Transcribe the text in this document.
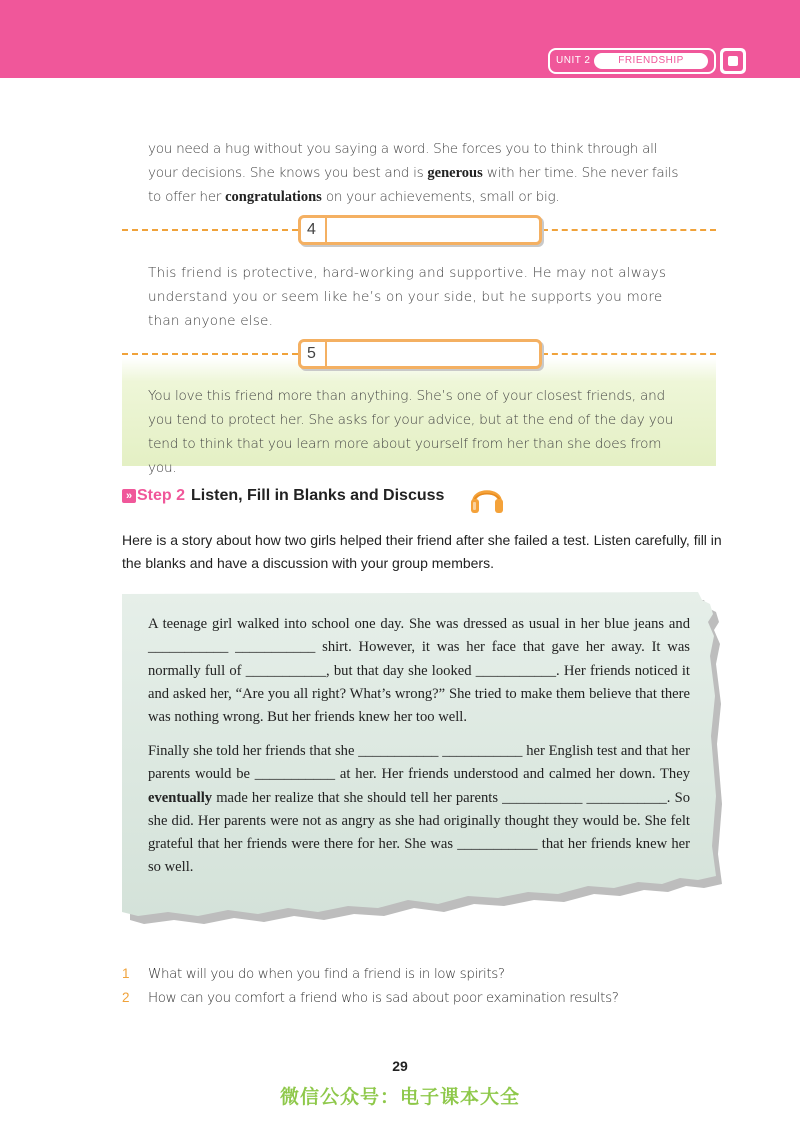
UNIT 2	FRIENDSHIP
you need a hug without you saying a word. She forces you to think through all your decisions. She knows you best and is generous with her time. She never fails to offer her congratulations on your achievements, small or big.
4
This friend is protective, hard-working and supportive. He may not always understand you or seem like he’s on your side, but he supports you more than anyone else.
5
You love this friend more than anything. She’s one of your closest friends, and you tend to protect her. She asks for your advice, but at the end of the day you tend to think that you learn more about yourself from her than she does from you.
» Step 2 Listen, Fill in Blanks and Discuss
Here is a story about how two girls helped their friend after she failed a test. Listen carefully, fill in the blanks and have a discussion with your group members.
A teenage girl walked into school one day. She was dressed as usual in her blue jeans and ___________ ___________ shirt. However, it was her face that gave her away. It was normally full of ___________, but that day she looked ___________. Her friends noticed it and asked her, “Are you all right? What’s wrong?” She tried to make them believe that there was nothing wrong. But her friends knew her too well.
Finally she told her friends that she ___________ ___________ her English test and that her parents would be ___________ at her. Her friends understood and calmed her down. They eventually made her realize that she should tell her parents ___________ ___________. So she did. Her parents were not as angry as she had originally thought they would be. She felt grateful that her friends were there for her. She was ___________ that her friends knew her so well.
1 What will you do when you find a friend is in low spirits?
2 How can you comfort a friend who is sad about poor examination results?
29
微信公众号：电子课本大全
